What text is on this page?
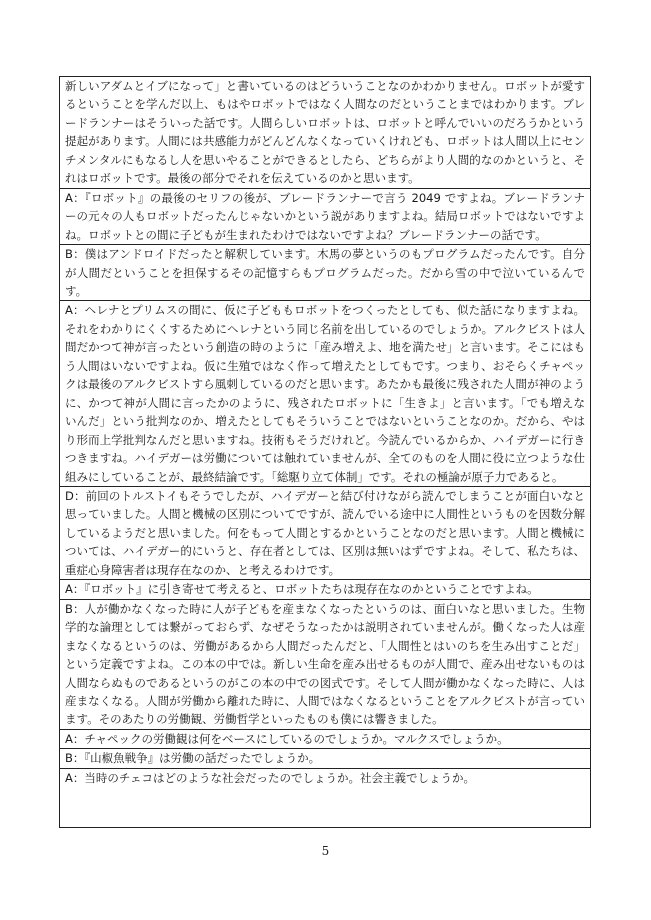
新しいアダムとイブになって」と書いているのはどういうことなのかわかりません。ロボットが愛するということを学んだ以上、もはやロボットではなく人間なのだということまではわかります。ブレードランナーはそういった話です。人間らしいロボットは、ロボットと呼んでいいのだろうかという提起があります。人間には共感能力がどんどんなくなっていくけれども、ロボットは人間以上にセンチメンタルにもなるし人を思いやることができるとしたら、どちらがより人間的なのかというと、それはロボットです。最後の部分でそれを伝えているのかと思います。

A：『ロボット』の最後のセリフの後が、ブレードランナーで言う 2049 ですよね。ブレードランナーの元々の人もロボットだったんじゃないかという説がありますよね。結局ロボットではないですよね。ロボットとの間に子どもが生まれたわけではないですよね？ブレードランナーの話です。

B：僕はアンドロイドだったと解釈しています。木馬の夢というのもプログラムだったんです。自分が人間だということを担保するその記憶すらもプログラムだった。だから雪の中で泣いているんです。

A：ヘレナとプリムスの間に、仮に子どももロボットをつくったとしても、似た話になりますよね。それをわかりにくくするためにヘレナという同じ名前を出しているのでしょうか。アルクビストは人間だかつて神が言ったという創造の時のように「産み増えよ、地を満たせ」と言います。そこにはもう人間はいないですよね。仮に生殖ではなく作って増えたとしてもです。つまり、おそらくチャペックは最後のアルクビストすら風刺しているのだと思います。あたかも最後に残された人間が神のように、かつて神が人間に言ったかのように、残されたロボットに「生きよ」と言います。「でも増えないんだ」という批判なのか、増えたとしてもそういうことではないということなのか。だから、やはり形而上学批判なんだと思いますね。技術もそうだけれど。今読んでいるからか、ハイデガーに行きつきますね。ハイデガーは労働については触れていませんが、全てのものを人間に役に立つような仕組みにしていることが、最終結論です。「総駆り立て体制」です。それの極論が原子力であると。

D：前回のトルストイもそうでしたが、ハイデガーと結び付けながら読んでしまうことが面白いなと思っていました。人間と機械の区別についてですが、読んでいる途中に人間性というものを因数分解しているようだと思いました。何をもって人間とするかということなのだと思います。人間と機械については、ハイデガー的にいうと、存在者としては、区別は無いはずですよね。そして、私たちは、重症心身障害者は現存在なのか、と考えるわけです。

A：『ロボット』に引き寄せて考えると、ロボットたちは現存在なのかということですよね。

B：人が働かなくなった時に人が子どもを産まなくなったというのは、面白いなと思いました。生物学的な論理としては繋がっておらず、なぜそうなったかは説明されていませんが。働くなった人は産まなくなるというのは、労働があるから人間だったんだと、「人間性とはいのちを生み出すことだ」という定義ですよね。この本の中では。新しい生命を産み出せるものが人間で、産み出せないものは人間ならぬものであるというのがこの本の中での図式です。そして人間が働かなくなった時に、人は産まなくなる。人間が労働から離れた時に、人間ではなくなるということをアルクビストが言っています。そのあたりの労働観、労働哲学といったものも僕には響きました。

A：チャペックの労働観は何をベースにしているのでしょうか。マルクスでしょうか。

B：『山椒魚戦争』は労働の話だったでしょうか。

A：当時のチェコはどのような社会だったのでしょうか。社会主義でしょうか。

5
